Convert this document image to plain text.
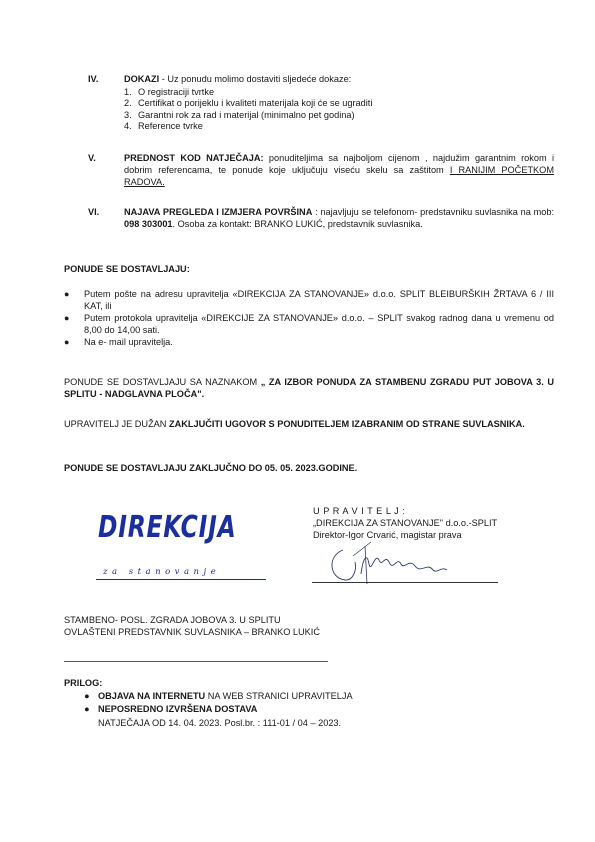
IV.	DOKAZI - Uz ponudu molimo dostaviti sljedeće dokaze:
1. O registraciji tvrtke
2. Certifikat o porijeklu i kvaliteti materijala koji će se ugraditi
3. Garantni rok za rad i materijal (minimalno pet godina)
4. Reference tvrke
V.	PREDNOST KOD NATJEČAJA: ponuditeljima sa najboljom cijenom , najdužim garantnim rokom i dobrim referencama, te ponude koje uključuju viseću skelu sa zaštitom I RANIJIM POČETKOM RADOVA.
VI.	NAJAVA PREGLEDA I IZMJERA POVRŠINA : najavljuju se telefonom- predstavniku suvlasnika na mob: 098 303001. Osoba za kontakt: BRANKO LUKIĆ, predstavnik suvlasnika.
PONUDE SE DOSTAVLJAJU:
● Putem pošte na adresu upravitelja «DIREKCIJA ZA STANOVANJE» d.o.o. SPLIT BLEIBURŠKIH ŽRTAVA 6 / III KAT, ili
● Putem protokola upravitelja «DIREKCIJE ZA STANOVANJE» d.o.o. – SPLIT svakog radnog dana u vremenu od 8,00 do 14,00 sati.
● Na e- mail upravitelja.
PONUDE SE DOSTAVLJAJU SA NAZNAKOM „ ZA IZBOR PONUDA ZA STAMBENU ZGRADU PUT JOBOVA 3. U SPLITU - NADGLAVNA PLOČA".
UPRAVITELJ JE DUŽAN ZAKLJUČITI UGOVOR S PONUDITELJEM IZABRANIM OD STRANE SUVLASNIKA.
PONUDE SE DOSTAVLJAJU ZAKLJUČNO DO 05. 05. 2023.GODINE.
DIREKCIJA
za stanovanje
U P R A V I T E L J :
„DIREKCIJA ZA STANOVANJE" d.o.o.-SPLIT
Direktor-Igor Crvarić, magistar prava
STAMBENO- POSL. ZGRADA JOBOVA 3. U SPLITU
OVLAŠTENI PREDSTAVNIK SUVLASNIKA – BRANKO LUKIĆ
PRILOG:
● OBJAVA NA INTERNETU NA WEB STRANICI UPRAVITELJA
● NEPOSREDNO IZVRŠENA DOSTAVA
NATJEČAJA OD 14. 04. 2023. Posl.br. : 111-01 / 04 – 2023.
